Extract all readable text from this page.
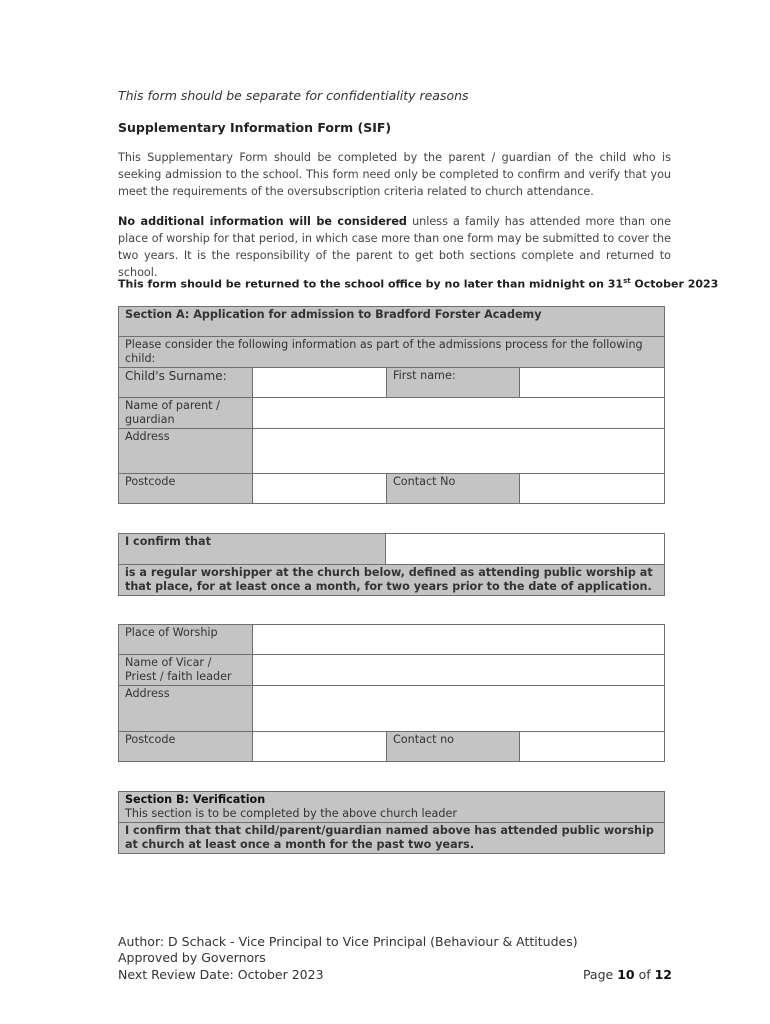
This form should be separate for confidentiality reasons
Supplementary Information Form (SIF)
This Supplementary Form should be completed by the parent / guardian of the child who is seeking admission to the school. This form need only be completed to confirm and verify that you meet the requirements of the oversubscription criteria related to church attendance.
No additional information will be considered unless a family has attended more than one place of worship for that period, in which case more than one form may be submitted to cover the two years. It is the responsibility of the parent to get both sections complete and returned to school.
This form should be returned to the school office by no later than midnight on 31st October 2023
Section A: Application for admission to Bradford Forster Academy			
Please consider the following information as part of the admissions process for the following child:			
Child's Surname:		First name:	
Name of parent / guardian			
Address			
Postcode		Contact No	
I confirm that	
is a regular worshipper at the church below, defined as attending public worship at that place, for at least once a month, for two years prior to the date of application.
Place of Worship			
Name of Vicar / Priest / faith leader			
Address			
Postcode		Contact no	
Section B: Verification
This section is to be completed by the above church leader

I confirm that that child/parent/guardian named above has attended public worship at church at least once a month for the past two years.
Author: D Schack - Vice Principal to Vice Principal (Behaviour & Attitudes)
Approved by Governors
Next Review Date: October 2023	Page 10 of 12
